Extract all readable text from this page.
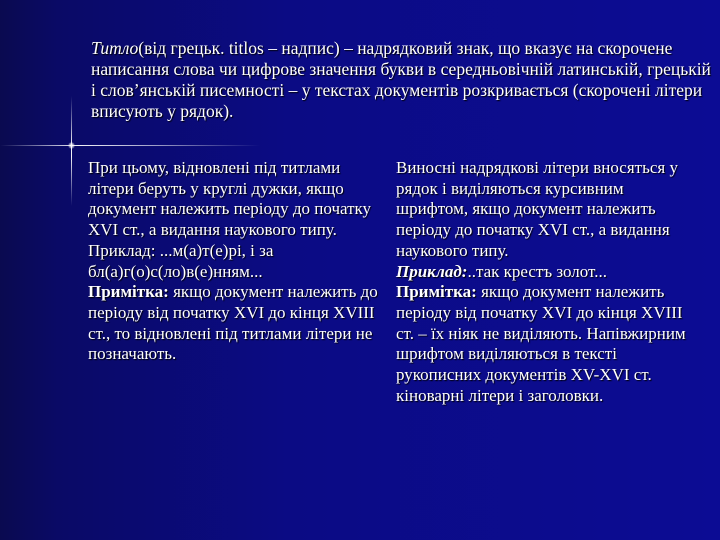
Титло(від грецьк. titlos – надпис) – надрядковий знак, що вказує на скорочене написання слова чи цифрове значення букви в середньовічній латинській, грецькій і слов’янській писемності – у текстах документів розкривається (скорочені літери вписують у рядок).

При цьому, відновлені під титлами літери беруть у круглі дужки, якщо документ належить періоду до початку XVI ст., а видання наукового типу.

Приклад: ...м(а)т(е)рі, і за бл(а)г(о)с(ло)в(е)нням...

Примітка: якщо документ належить до періоду від початку XVI до кінця XVIII ст., то відновлені під титлами літери не позначають.

Виносні надрядкові літери вносяться у рядок і виділяються курсивним шрифтом, якщо документ належить періоду до початку XVI ст., а видання наукового типу.

Приклад:..так крестъ золот...

Примітка: якщо документ належить періоду від початку XVI до кінця XVIII ст. – їх ніяк не виділяють. Напівжирним шрифтом виділяються в тексті рукописних документів XV-XVI ст. кіноварні літери і заголовки.
